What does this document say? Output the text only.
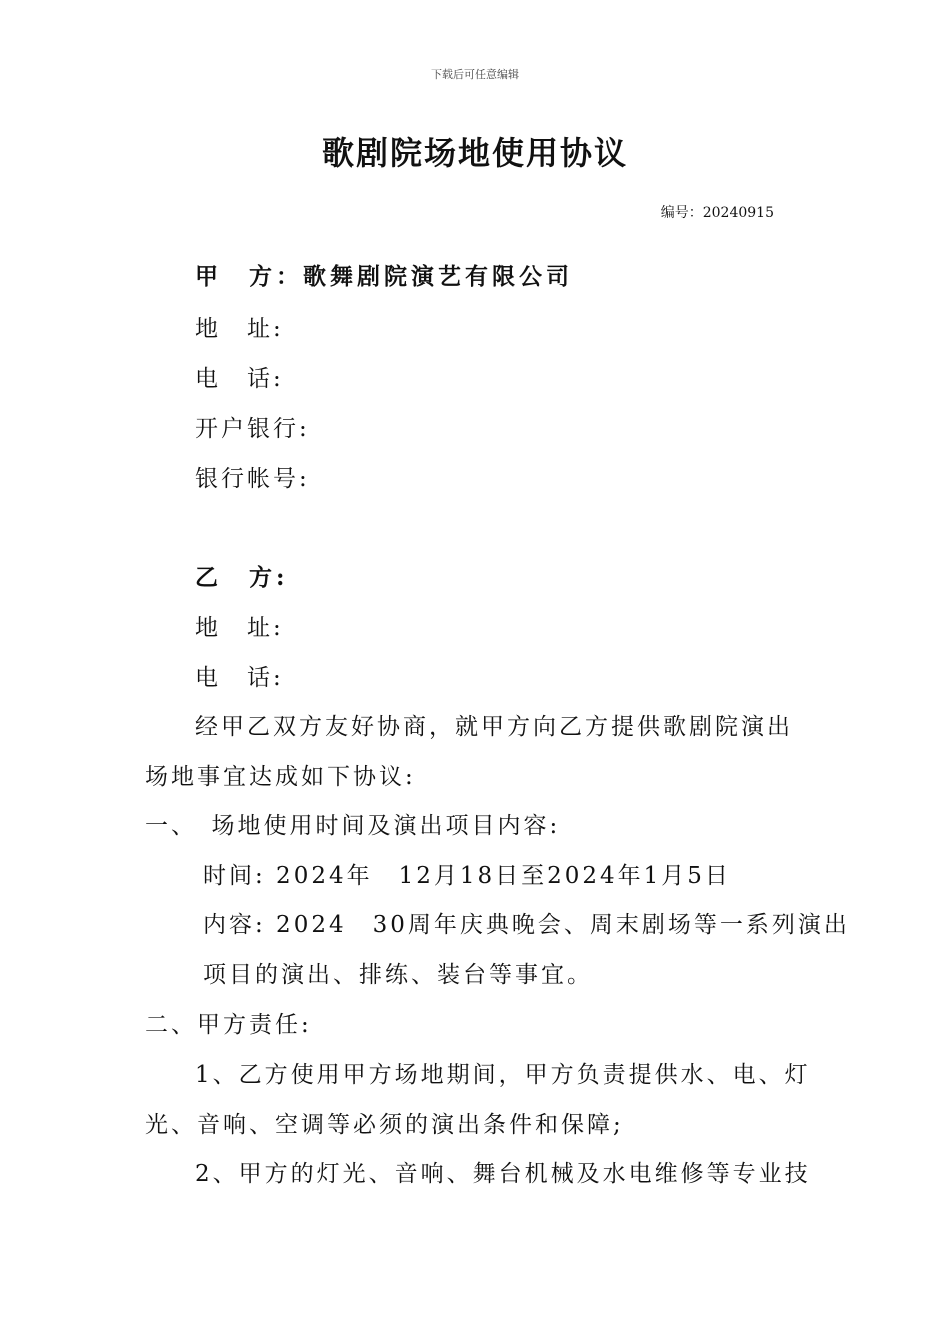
下载后可任意编辑
歌剧院场地使用协议
编号：20240915
甲　方：歌舞剧院演艺有限公司
地　址:
电　话:
开户银行:
银行帐号:
乙　方:
地　址:
电　话:
经甲乙双方友好协商，就甲方向乙方提供歌剧院演出
场地事宜达成如下协议:
一、　场地使用时间及演出项目内容:
时间: 2024年　12月18日至2024年1月5日
内容: 2024　30周年庆典晚会、周末剧场等一系列演出
项目的演出、排练、装台等事宜。
二、甲方责任:
1、乙方使用甲方场地期间，甲方负责提供水、电、灯
光、音响、空调等必须的演出条件和保障;
2、甲方的灯光、音响、舞台机械及水电维修等专业技
